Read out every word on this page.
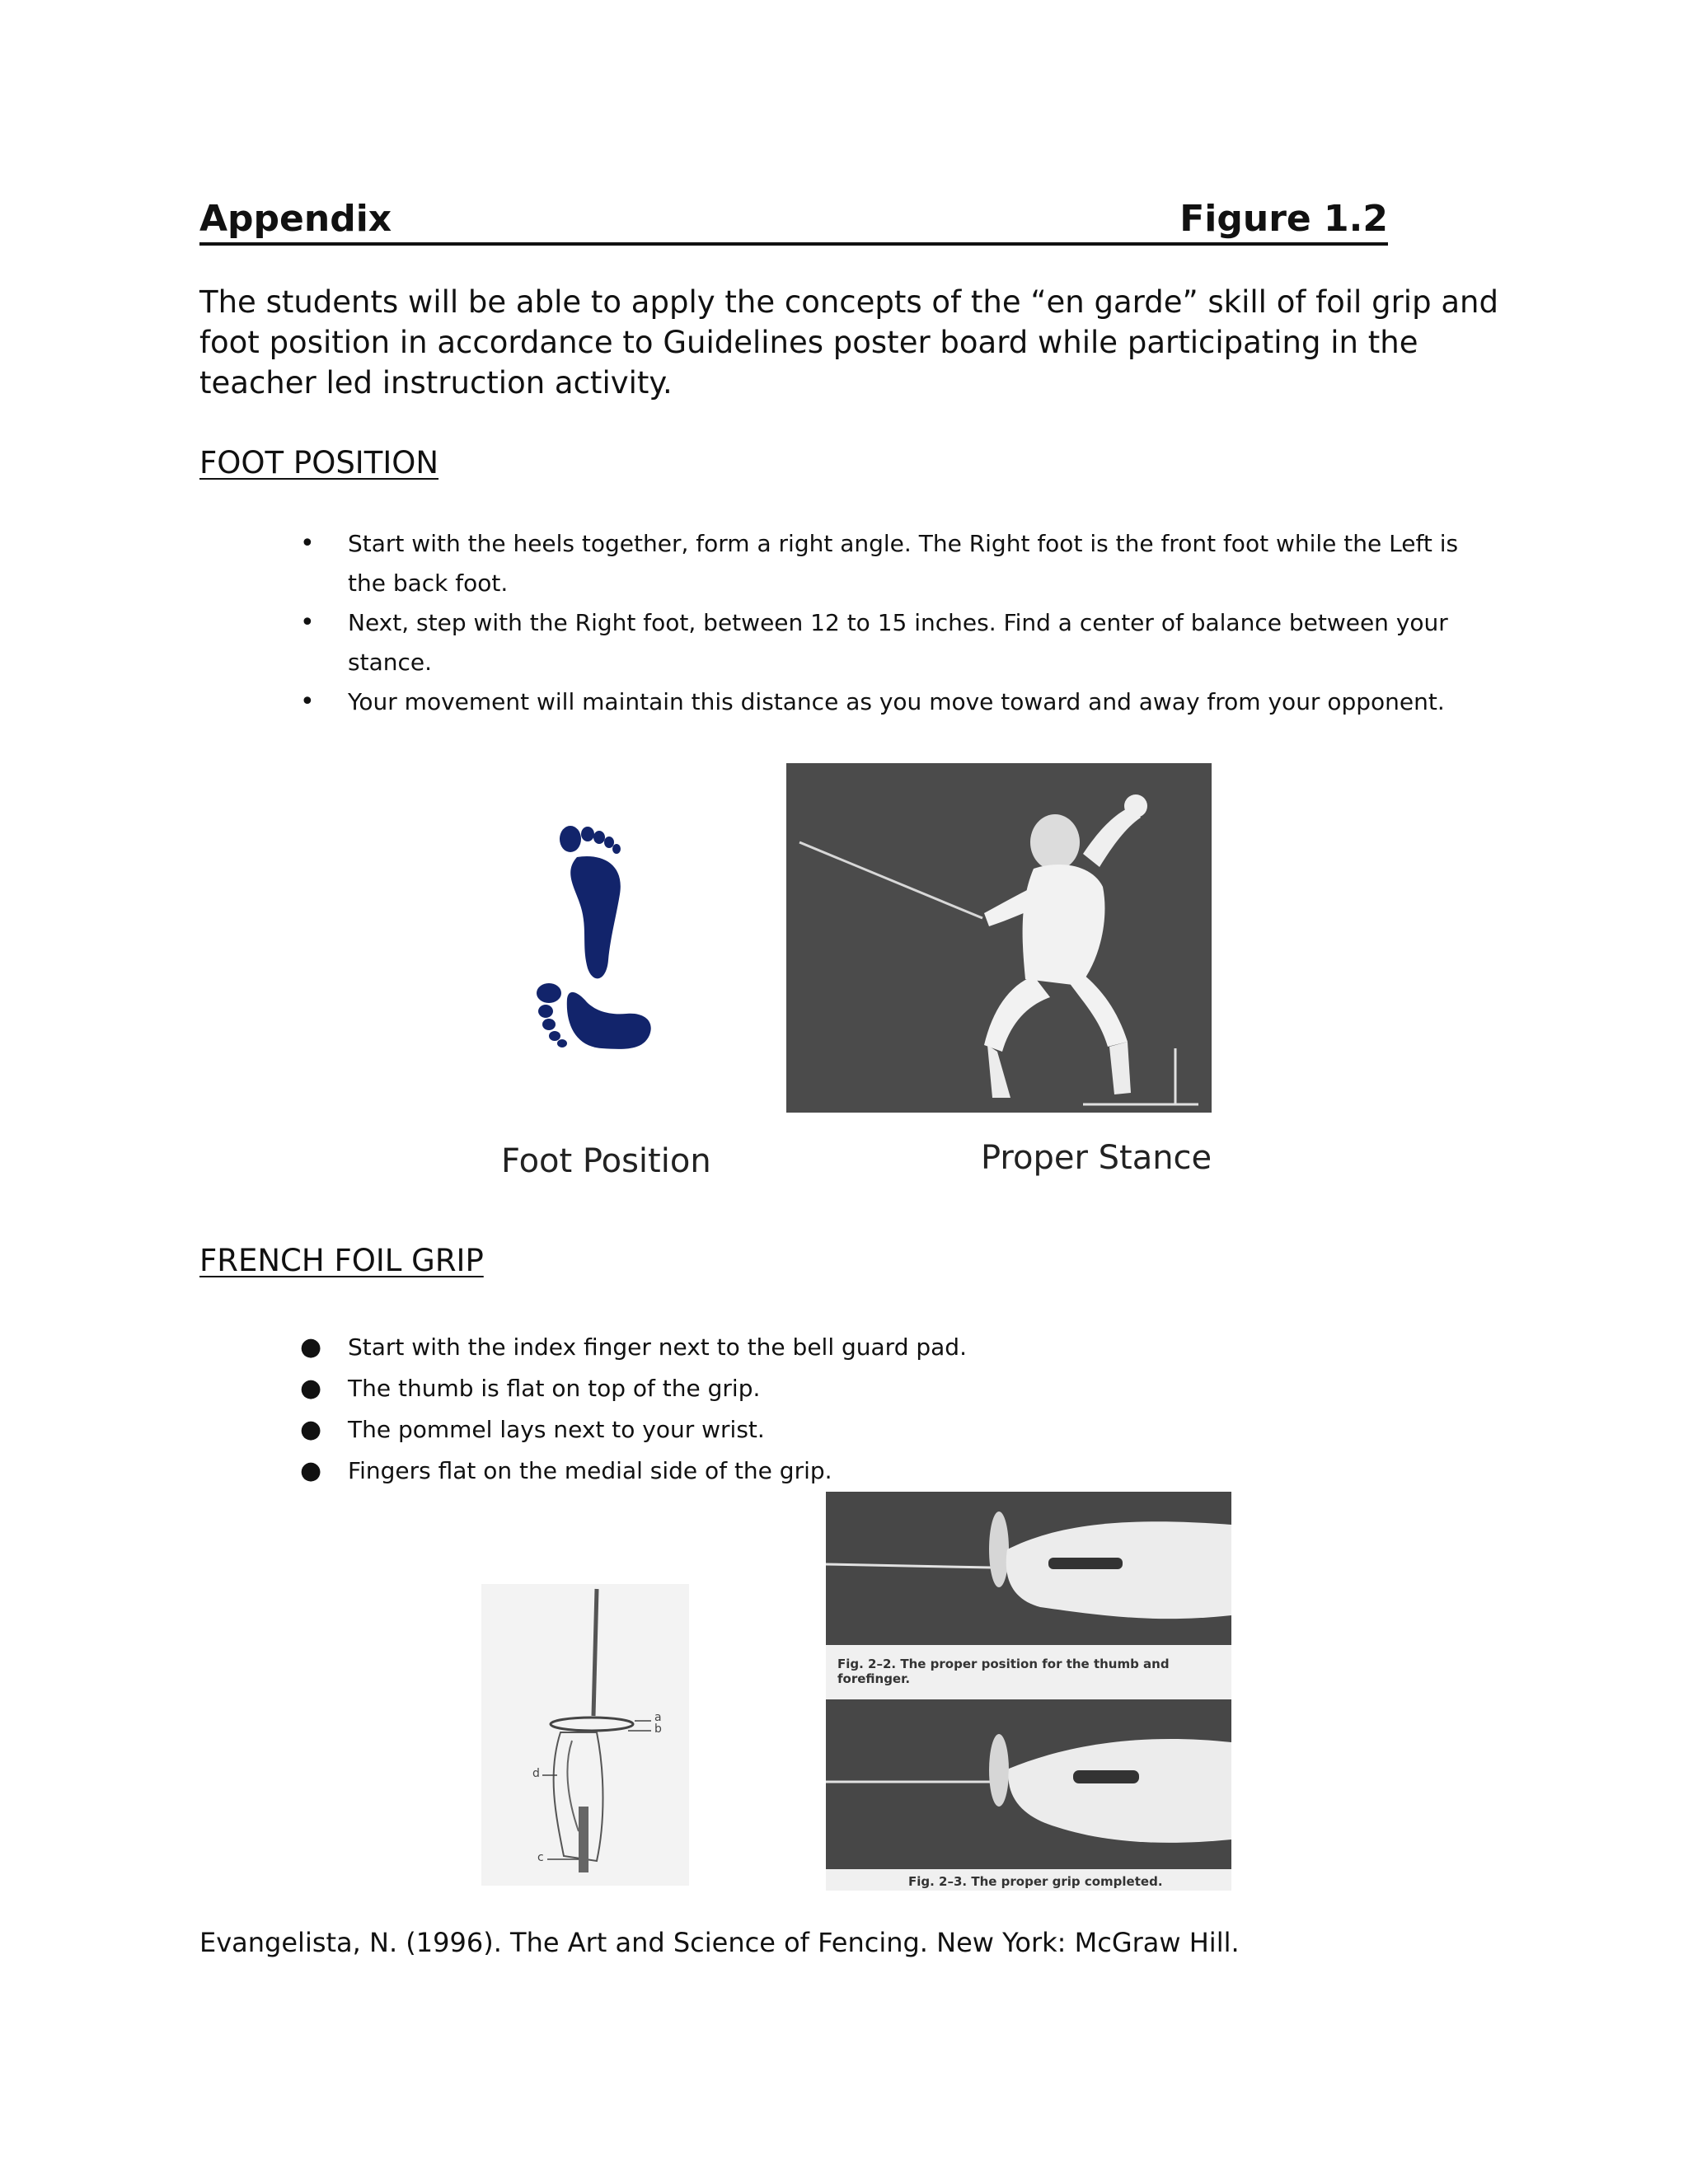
Appendix	Figure 1.2
The students will be able to apply the concepts of the “en garde” skill of foil grip and foot position in accordance to Guidelines poster board while participating in the teacher led instruction activity.
FOOT POSITION
• Start with the heels together, form a right angle. The Right foot is the front foot while the Left is the back foot.
• Next, step with the Right foot, between 12 to 15 inches. Find a center of balance between your stance.
• Your movement will maintain this distance as you move toward and away from your opponent.
Foot Position	Proper Stance
FRENCH FOIL GRIP
● Start with the index finger next to the bell guard pad.
● The thumb is flat on top of the grip.
● The pommel lays next to your wrist.
● Fingers flat on the medial side of the grip.
a
b
d
c
Fig. 2–2. The proper position for the thumb and forefinger.
Fig. 2–3. The proper grip completed.
Evangelista, N. (1996). The Art and Science of Fencing. New York: McGraw Hill.
